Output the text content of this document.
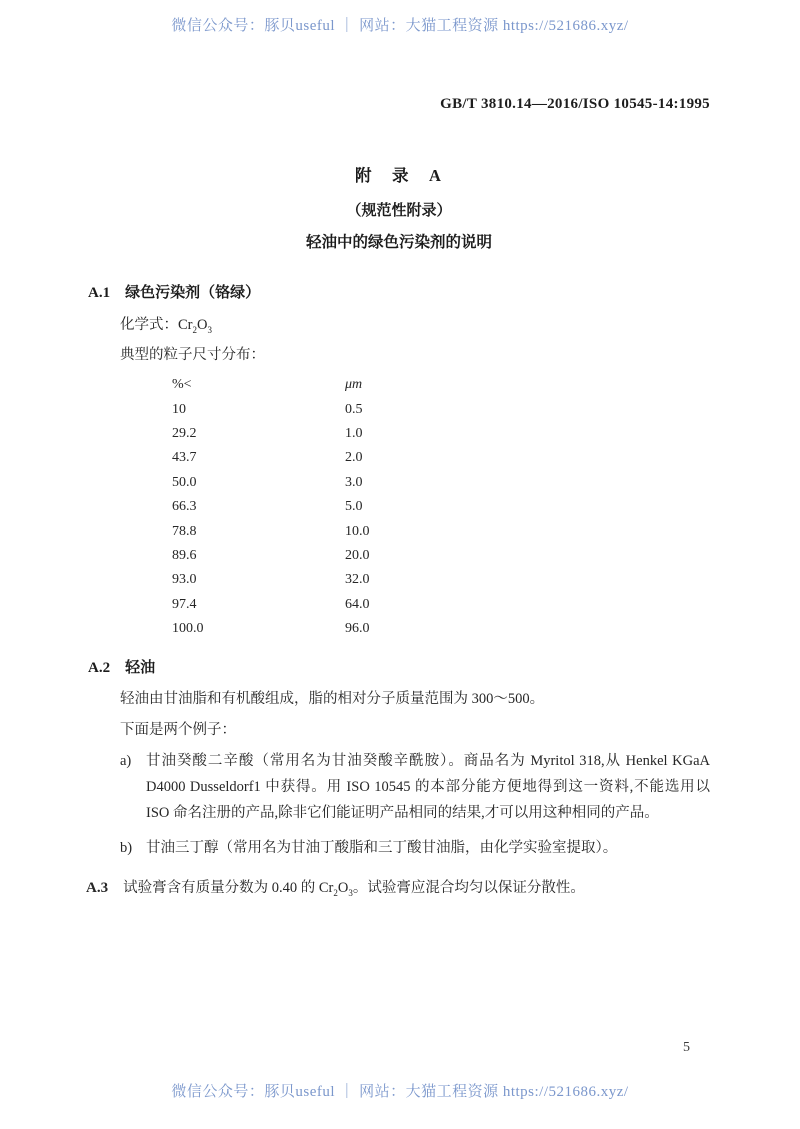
微信公众号：豚贝useful ｜ 网站：大猫工程资源 https://521686.xyz/
GB/T 3810.14—2016/ISO 10545-14:1995
附　录　A
（规范性附录）
轻油中的绿色污染剂的说明
A.1 绿色污染剂（铬绿）
化学式：$Cr_2O_3$
典型的粒子尺寸分布：
%<	μm
10	0.5
29.2	1.0
43.7	2.0
50.0	3.0
66.3	5.0
78.8	10.0
89.6	20.0
93.0	32.0
97.4	64.0
100.0	96.0
A.2 轻油
轻油由甘油脂和有机酸组成，脂的相对分子质量范围为 300～500。
下面是两个例子：
a)	甘油癸酸二辛酸（常用名为甘油癸酸辛酰胺）。商品名为 Myritol 318,从 Henkel KGaA D4000 Dusseldorf1 中获得。用 ISO 10545 的本部分能方便地得到这一资料,不能选用以 ISO 命名注册的产品,除非它们能证明产品相同的结果,才可以用这种相同的产品。
b) 甘油三丁醇（常用名为甘油丁酸脂和三丁酸甘油脂，由化学实验室提取）。
A.3 试验膏含有质量分数为 0.40 的 $Cr_2O_3$。试验膏应混合均匀以保证分散性。
5
微信公众号：豚贝useful ｜ 网站：大猫工程资源 https://521686.xyz/
